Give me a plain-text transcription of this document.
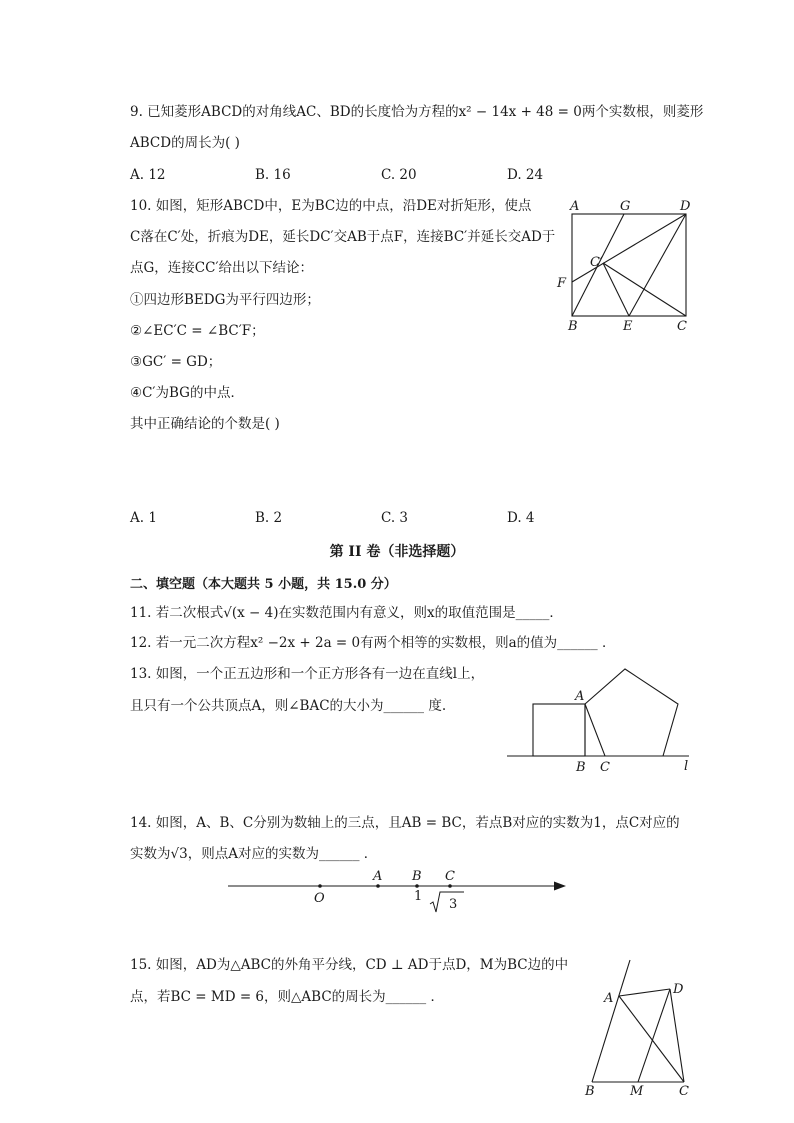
9. 已知菱形ABCD的对角线AC、BD的长度恰为方程的x² − 14x + 48 = 0两个实数根，则菱形
ABCD的周长为( )
A. 12	B. 16	C. 20	D. 24
10. 如图，矩形ABCD中，E为BC边的中点，沿DE对折矩形，使点
C落在C′处，折痕为DE，延长DC′交AB于点F，连接BC′并延长交AD于
点G，连接CC′给出以下结论：
①四边形BEDG为平行四边形；
②∠EC′C = ∠BC′F；
③GC′ = GD；
④C′为BG的中点．
其中正确结论的个数是( )
A. 1	B. 2	C. 3	D. 4
A	G	D
C′
F
B	E	C
第 II 卷（非选择题）
二、填空题（本大题共 5 小题，共 15.0 分）
11. 若二次根式√(x − 4)在实数范围内有意义，则x的取值范围是_____．
12. 若一元二次方程x² −2x + 2a = 0有两个相等的实数根，则a的值为______ ．
13. 如图，一个正五边形和一个正方形各有一边在直线l上，
且只有一个公共顶点A，则∠BAC的大小为______ 度.
A
B C	l
14. 如图，A、B、C分别为数轴上的三点，且AB = BC，若点B对应的实数为1，点C对应的
实数为√3，则点A对应的实数为______ ．
O
A B C
1
3
15. 如图，AD为△ABC的外角平分线，CD ⊥ AD于点D，M为BC边的中
点，若BC = MD = 6，则△ABC的周长为______ ．	A
D
B	M	C
